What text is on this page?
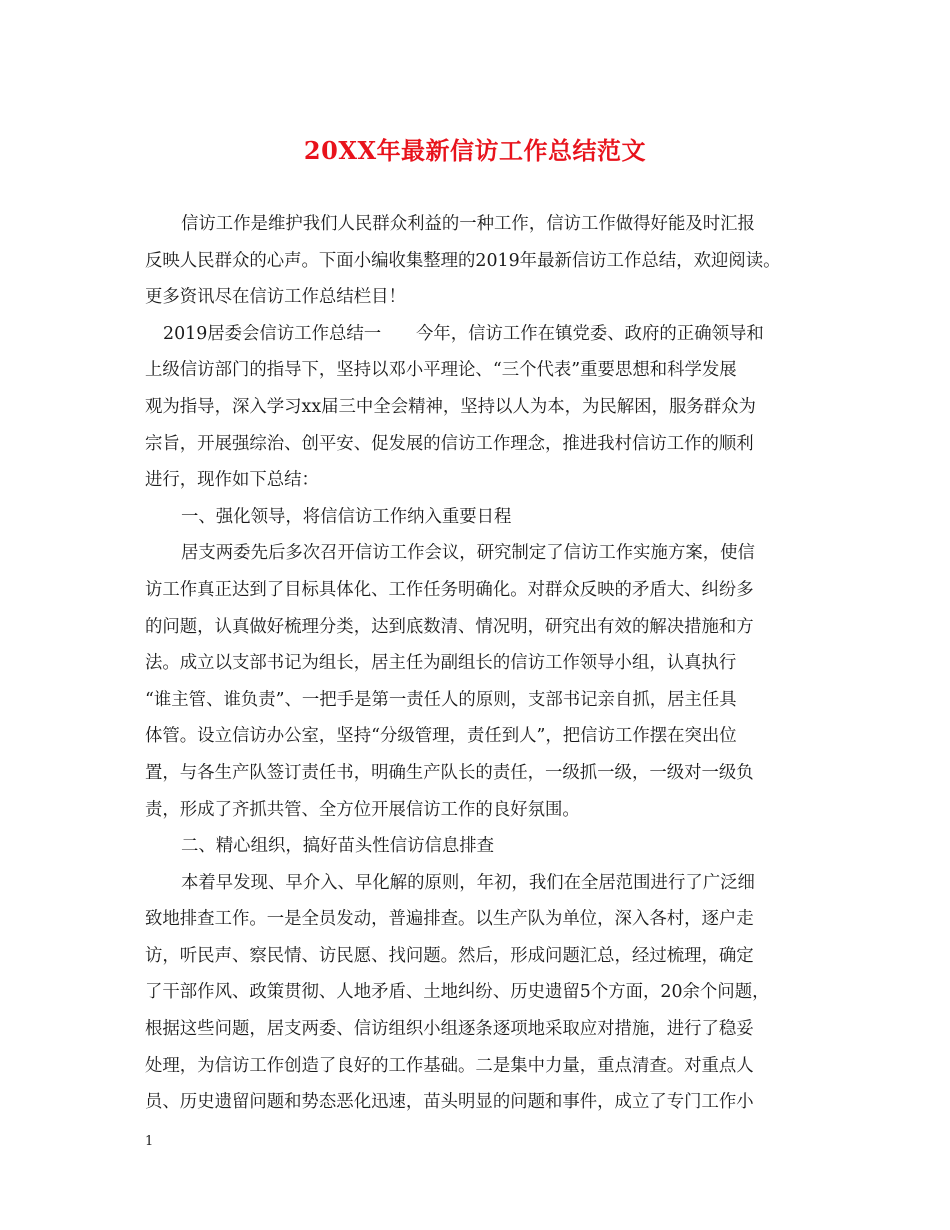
20XX年最新信访工作总结范文
信访工作是维护我们人民群众利益的一种工作，信访工作做得好能及时汇报
反映人民群众的心声。下面小编收集整理的2019年最新信访工作总结，欢迎阅读。
更多资讯尽在信访工作总结栏目！
2019居委会信访工作总结一　　今年，信访工作在镇党委、政府的正确领导和
上级信访部门的指导下，坚持以邓小平理论、“三个代表”重要思想和科学发展
观为指导，深入学习xx届三中全会精神，坚持以人为本，为民解困，服务群众为
宗旨，开展强综治、创平安、促发展的信访工作理念，推进我村信访工作的顺利
进行，现作如下总结：
一、强化领导，将信信访工作纳入重要日程
居支两委先后多次召开信访工作会议，研究制定了信访工作实施方案，使信
访工作真正达到了目标具体化、工作任务明确化。对群众反映的矛盾大、纠纷多
的问题，认真做好梳理分类，达到底数清、情况明，研究出有效的解决措施和方
法。成立以支部书记为组长，居主任为副组长的信访工作领导小组，认真执行
“谁主管、谁负责”、一把手是第一责任人的原则，支部书记亲自抓，居主任具
体管。设立信访办公室，坚持“分级管理，责任到人”，把信访工作摆在突出位
置，与各生产队签订责任书，明确生产队长的责任，一级抓一级，一级对一级负
责，形成了齐抓共管、全方位开展信访工作的良好氛围。
二、精心组织，搞好苗头性信访信息排查
本着早发现、早介入、早化解的原则，年初，我们在全居范围进行了广泛细
致地排查工作。一是全员发动，普遍排查。以生产队为单位，深入各村，逐户走
访，听民声、察民情、访民愿、找问题。然后，形成问题汇总，经过梳理，确定
了干部作风、政策贯彻、人地矛盾、土地纠纷、历史遗留5个方面，20余个问题，
根据这些问题，居支两委、信访组织小组逐条逐项地采取应对措施，进行了稳妥
处理，为信访工作创造了良好的工作基础。二是集中力量，重点清查。对重点人
员、历史遗留问题和势态恶化迅速，苗头明显的问题和事件，成立了专门工作小
1
